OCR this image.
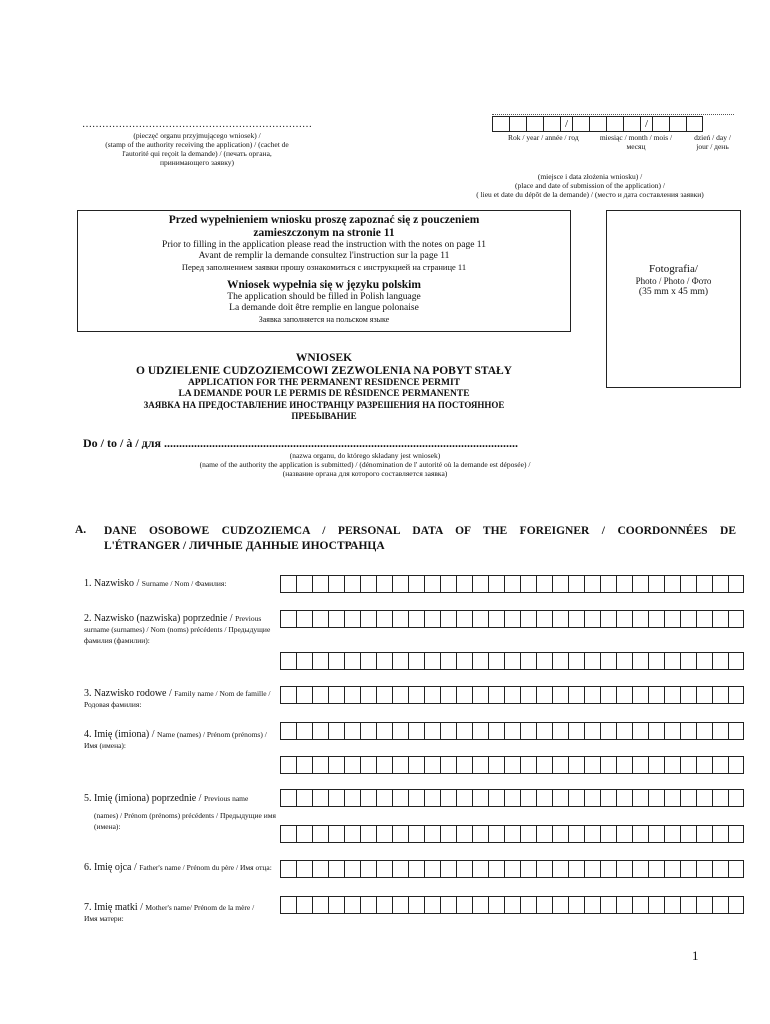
……………………………………………………………
(pieczęć organu przyjmującego wniosek) /
(stamp of the authority receiving the application) / (cachet de
l'autorité qui reçoit la demande) / (печать органа,
принимающего заявку)
/	/
Rok / year / année / год	miesiąc / month / mois / месяц
dzień / day / jour / день
(miejsce i data złożenia wniosku) /
(place and date of submission of the application) /
( lieu et date du dépôt de la demande) / (место и дата составления заявки)
Przed wypełnieniem wniosku proszę zapoznać się z pouczeniem
zamieszczonym na stronie 11
Prior to filling in the application please read the instruction with the notes on page 11
Avant de remplir la demande consultez l'instruction sur la page 11
Перед заполнением заявки прошу ознакомиться с инструкцией на странице 11
Wniosek wypełnia się w języku polskim
The application should be filled in Polish language
La demande doit être remplie en langue polonaise
Заявка заполняется на польском языке
Fotografia/
Photo / Photo / Фото
(35 mm x 45 mm)
WNIOSEK
O UDZIELENIE CUDZOZIEMCOWI ZEZWOLENIA NA POBYT STAŁY
APPLICATION FOR THE PERMANENT RESIDENCE PERMIT
LA DEMANDE POUR LE PERMIS DE RÉSIDENCE PERMANENTE
ЗАЯВКА НА ПРЕДОСТАВЛЕНИЕ ИНОСТРАНЦУ РАЗРЕШЕНИЯ НА ПОСТОЯННОЕ
ПРЕБЫВАНИЕ
Do / to / à / для ......................................................................................................................
(nazwa organu, do którego składany jest wniosek)
(name of the authority the application is submitted) / (dénomination de l' autorité où la demande est déposée) /
(название органа для которого составляется заявка)
A. DANE OSOBOWE CUDZOZIEMCA / PERSONAL DATA OF THE FOREIGNER / COORDONNÉES DE
L'ÉTRANGER / ЛИЧНЫЕ ДАННЫЕ ИНОСТРАНЦА
1. Nazwisko / Surname / Nom / Фамилия:
2. Nazwisko (nazwiska) poprzednie / Previous surname (surnames) / Nom (noms) précédents / Предыдущие фамилия (фамилии):
3. Nazwisko rodowe / Family name / Nom de famille / Родовая фамилия:
4. Imię (imiona) / Name (names) / Prénom (prénoms) / Имя (имена):
5. Imię (imiona) poprzednie / Previous name
(names) / Prénom (prénoms) précédents / Предыдущие имя (имена):
6. Imię ojca / Father's name / Prénom du père / Имя отца:
7. Imię matki / Mother's name/ Prénom de la mère / Имя матери:
1
